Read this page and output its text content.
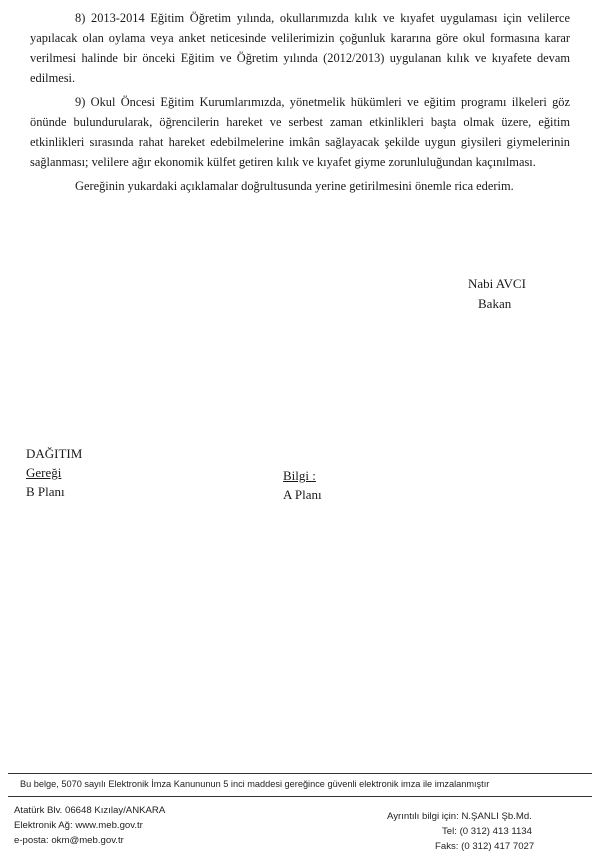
8) 2013-2014 Eğitim Öğretim yılında, okullarımızda kılık ve kıyafet uygulaması için velilerce yapılacak olan oylama veya anket neticesinde velilerimizin çoğunluk kararına göre okul formasına karar verilmesi halinde bir önceki Eğitim ve Öğretim yılında (2012/2013) uygulanan kılık ve kıyafete devam edilmesi.

9) Okul Öncesi Eğitim Kurumlarımızda, yönetmelik hükümleri ve eğitim programı ilkeleri göz önünde bulundurularak, öğrencilerin hareket ve serbest zaman etkinlikleri başta olmak üzere, eğitim etkinlikleri sırasında rahat hareket edebilmelerine imkân sağlayacak şekilde uygun giysileri giymelerinin sağlanması; velilere ağır ekonomik külfet getiren kılık ve kıyafet giyme zorunluluğundan kaçınılması.

Gereğinin yukardaki açıklamalar doğrultusunda yerine getirilmesini önemle rica ederim.

Nabi AVCI
Bakan
DAĞITIM
Gereği
B Planı
Bilgi :
A Planı
Bu belge, 5070 sayılı Elektronik İmza Kanununun 5 inci maddesi gereğince güvenli elektronik imza ile imzalanmıştır
Atatürk Blv. 06648 Kızılay/ANKARA
Elektronik Ağ: www.meb.gov.tr
e-posta: okm@meb.gov.tr
Ayrıntılı bilgi için: N.ŞANLI Şb.Md.
Tel: (0 312) 413 1134
Faks: (0 312) 417 7027
